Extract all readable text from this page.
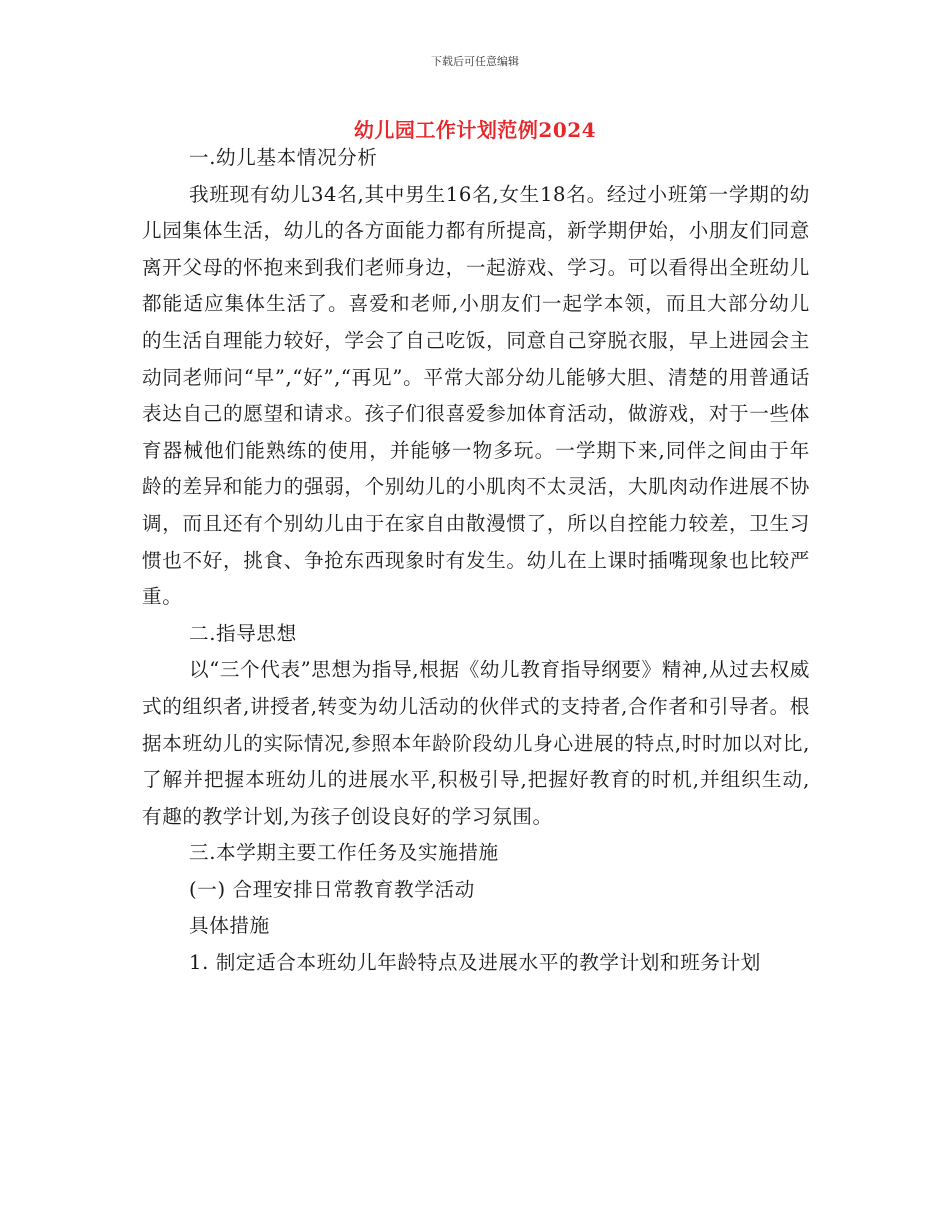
下载后可任意编辑
幼儿园工作计划范例2024

一.幼儿基本情况分析

我班现有幼儿34名,其中男生16名,女生18名。经过小班第一学期的幼儿园集体生活，幼儿的各方面能力都有所提高，新学期伊始，小朋友们同意离开父母的怀抱来到我们老师身边，一起游戏、学习。可以看得出全班幼儿都能适应集体生活了。喜爱和老师,小朋友们一起学本领，而且大部分幼儿的生活自理能力较好，学会了自己吃饭，同意自己穿脱衣服，早上进园会主动同老师问“早”,“好”,“再见”。平常大部分幼儿能够大胆、清楚的用普通话表达自己的愿望和请求。孩子们很喜爱参加体育活动，做游戏，对于一些体育器械他们能熟练的使用，并能够一物多玩。一学期下来,同伴之间由于年龄的差异和能力的强弱，个别幼儿的小肌肉不太灵活，大肌肉动作进展不协调，而且还有个别幼儿由于在家自由散漫惯了，所以自控能力较差，卫生习惯也不好，挑食、争抢东西现象时有发生。幼儿在上课时插嘴现象也比较严重。

二.指导思想

以“三个代表”思想为指导,根据《幼儿教育指导纲要》精神,从过去权威式的组织者,讲授者,转变为幼儿活动的伙伴式的支持者,合作者和引导者。根据本班幼儿的实际情况,参照本年龄阶段幼儿身心进展的特点,时时加以对比,了解并把握本班幼儿的进展水平,积极引导,把握好教育的时机,并组织生动,有趣的教学计划,为孩子创设良好的学习氛围。

三.本学期主要工作任务及实施措施

(一) 合理安排日常教育教学活动

具体措施

1. 制定适合本班幼儿年龄特点及进展水平的教学计划和班务计划
